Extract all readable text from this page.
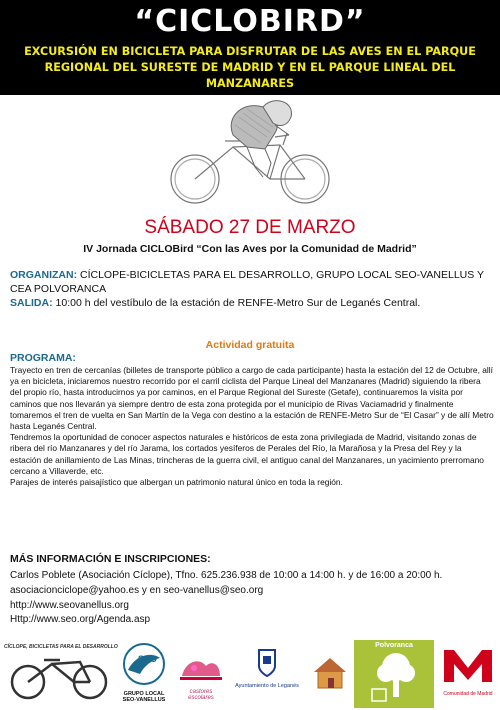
“CICLOBIRD”
EXCURSIÓN EN BICICLETA PARA DISFRUTAR DE LAS AVES EN EL PARQUE REGIONAL DEL SURESTE DE MADRID Y EN EL PARQUE LINEAL DEL MANZANARES
SÁBADO 27 DE MARZO
IV Jornada CICLOBird “Con las Aves por la Comunidad de Madrid”
ORGANIZAN: CÍCLOPE-BICICLETAS PARA EL DESARROLLO, GRUPO LOCAL SEO-VANELLUS Y CEA POLVORANCA
SALIDA: 10:00 h del vestíbulo de la estación de RENFE-Metro Sur de Leganés Central.
Actividad gratuita
PROGRAMA:

Trayecto en tren de cercanías (billetes de transporte público a cargo de cada participante) hasta la estación del 12 de Octubre, allí ya en bicicleta, iniciaremos nuestro recorrido por el carril ciclista del Parque Lineal del Manzanares (Madrid) siguiendo la ribera del propio río, hasta introducirnos ya por caminos, en el Parque Regional del Sureste (Getafe), continuaremos la visita por caminos que nos llevarán ya siempre dentro de esta zona protegida por el municipio de Rivas Vaciamadrid y finalmente tomaremos el tren de vuelta en San Martín de la Vega con destino a la estación de RENFE-Metro Sur de “El Casar” y de allí Metro hasta Leganés Central.

Tendremos la oportunidad de conocer aspectos naturales e históricos de esta zona privilegiada de Madrid, visitando zonas de ribera del río Manzanares y del río Jarama, los cortados yesíferos de Perales del Río, la Marañosa y la Presa del Rey y la estación de anillamiento de Las Minas, trincheras de la guerra civil, el antiguo canal del Manzanares, un yacimiento prerromano cercano a Villaverde, etc.

Parajes de interés paisajístico que albergan un patrimonio natural único en toda la región.

MÁS INFORMACIÓN E INSCRIPCIONES:
Carlos Poblete (Asociación Cíclope), Tfno. 625.236.938 de 10:00 a 14:00 h. y de 16:00 a 20:00 h.
asociacionciclope@yahoo.es y en seo-vanellus@seo.org
http://www.seovanellus.org
Http://www.seo.org/Agenda.asp
CÍCLOPE, BICICLETAS PARA EL DESARROLLO
SEO
GRUPO LOCAL
SEO-VANELLUS
castores escolares
Ayuntamiento de Leganés
Polvoranca
Comunidad de Madrid
